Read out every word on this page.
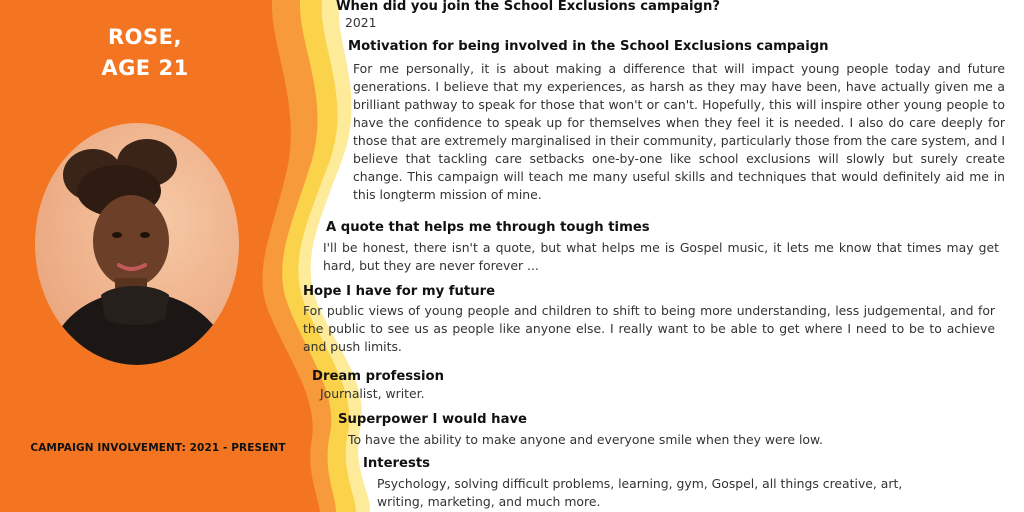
ROSE,
AGE 21
CAMPAIGN INVOLVEMENT: 2021 - PRESENT
When did you join the School Exclusions campaign?
2021
Motivation for being involved in the School Exclusions campaign
For me personally, it is about making a difference that will impact young people today and future generations. I believe that my experiences, as harsh as they may have been, have actually given me a brilliant pathway to speak for those that won't or can't. Hopefully, this will inspire other young people to have the confidence to speak up for themselves when they feel it is needed. I also do care deeply for those that are extremely marginalised in their community, particularly those from the care system, and I believe that tackling care setbacks one-by-one like school exclusions will slowly but surely create change. This campaign will teach me many useful skills and techniques that would definitely aid me in this longterm mission of mine.
A quote that helps me through tough times
I'll be honest, there isn't a quote, but what helps me is Gospel music, it lets me know that times may get hard, but they are never forever ...
Hope I have for my future
For public views of young people and children to shift to being more understanding, less judgemental, and for the public to see us as people like anyone else. I really want to be able to get where I need to be to achieve and push limits.
Dream profession
Journalist, writer.
Superpower I would have
To have the ability to make anyone and everyone smile when they were low.
Interests
Psychology, solving difficult problems, learning, gym, Gospel, all things creative, art, writing, marketing, and much more.
